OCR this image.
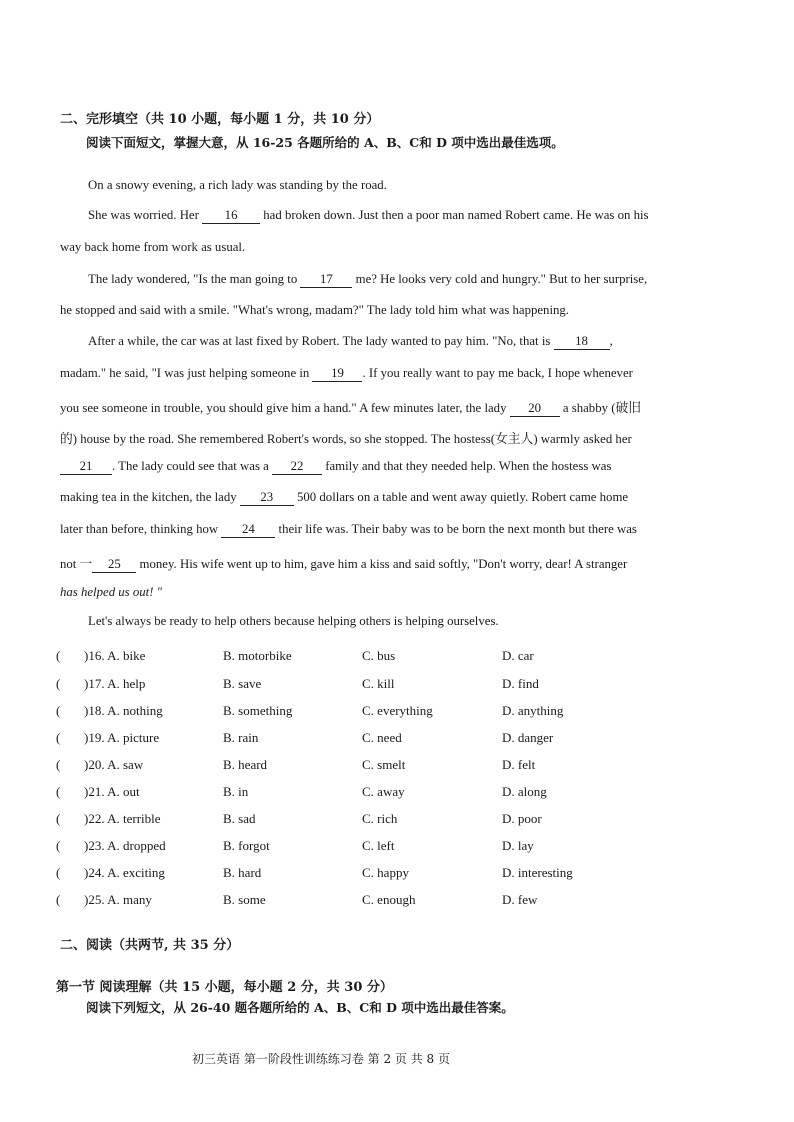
二、完形填空（共 10 小题，每小题 1 分，共 10 分）
阅读下面短文，掌握大意，从 16-25 各题所给的 A、B、C和 D 项中选出最佳选项。
On a snowy evening, a rich lady was standing by the road.
She was worried. Her 16 had broken down. Just then a poor man named Robert came. He was on his
way back home from work as usual.
The lady wondered, "Is the man going to 17 me? He looks very cold and hungry." But to her surprise,
he stopped and said with a smile. "What's wrong, madam?" The lady told him what was happening.
After a while, the car was at last fixed by Robert. The lady wanted to pay him. "No, that is 18 ,
madam." he said, "I was just helping someone in 19 . If you really want to pay me back, I hope whenever
you see someone in trouble, you should give him a hand." A few minutes later, the lady 20 a shabby (破旧
的) house by the road. She remembered Robert's words, so she stopped. The hostess(女主人) warmly asked her
21 . The lady could see that was a 22 family and that they needed help. When the hostess was
making tea in the kitchen, the lady 23 500 dollars on a table and went away quietly. Robert came home
later than before, thinking how 24 their life was. Their baby was to be born the next month but there was
not 一 25 money. His wife went up to him, gave him a kiss and said softly, "Don't worry, dear! A stranger
has helped us out! "
Let's always be ready to help others because helping others is helping ourselves.
( )16. A. bike	B. motorbike	C. bus	D. car
( )17. A. help	B. save	C. kill	D. find
( )18. A. nothing	B. something	C. everything	D. anything
( )19. A. picture	B. rain	C. need	D. danger
( )20. A. saw	B. heard	C. smelt	D. felt
( )21. A. out	B. in	C. away	D. along
( )22. A. terrible	B. sad	C. rich	D. poor
( )23. A. dropped	B. forgot	C. left	D. lay
( )24. A. exciting	B. hard	C. happy	D. interesting
( )25. A. many	B. some	C. enough	D. few
二、阅读（共两节, 共 35 分）
第一节 阅读理解（共 15 小题，每小题 2 分，共 30 分）
阅读下列短文，从 26-40 题各题所给的 A、B、C和 D 项中选出最佳答案。
初三英语 第一阶段性训练练习卷 第 2 页 共 8 页
